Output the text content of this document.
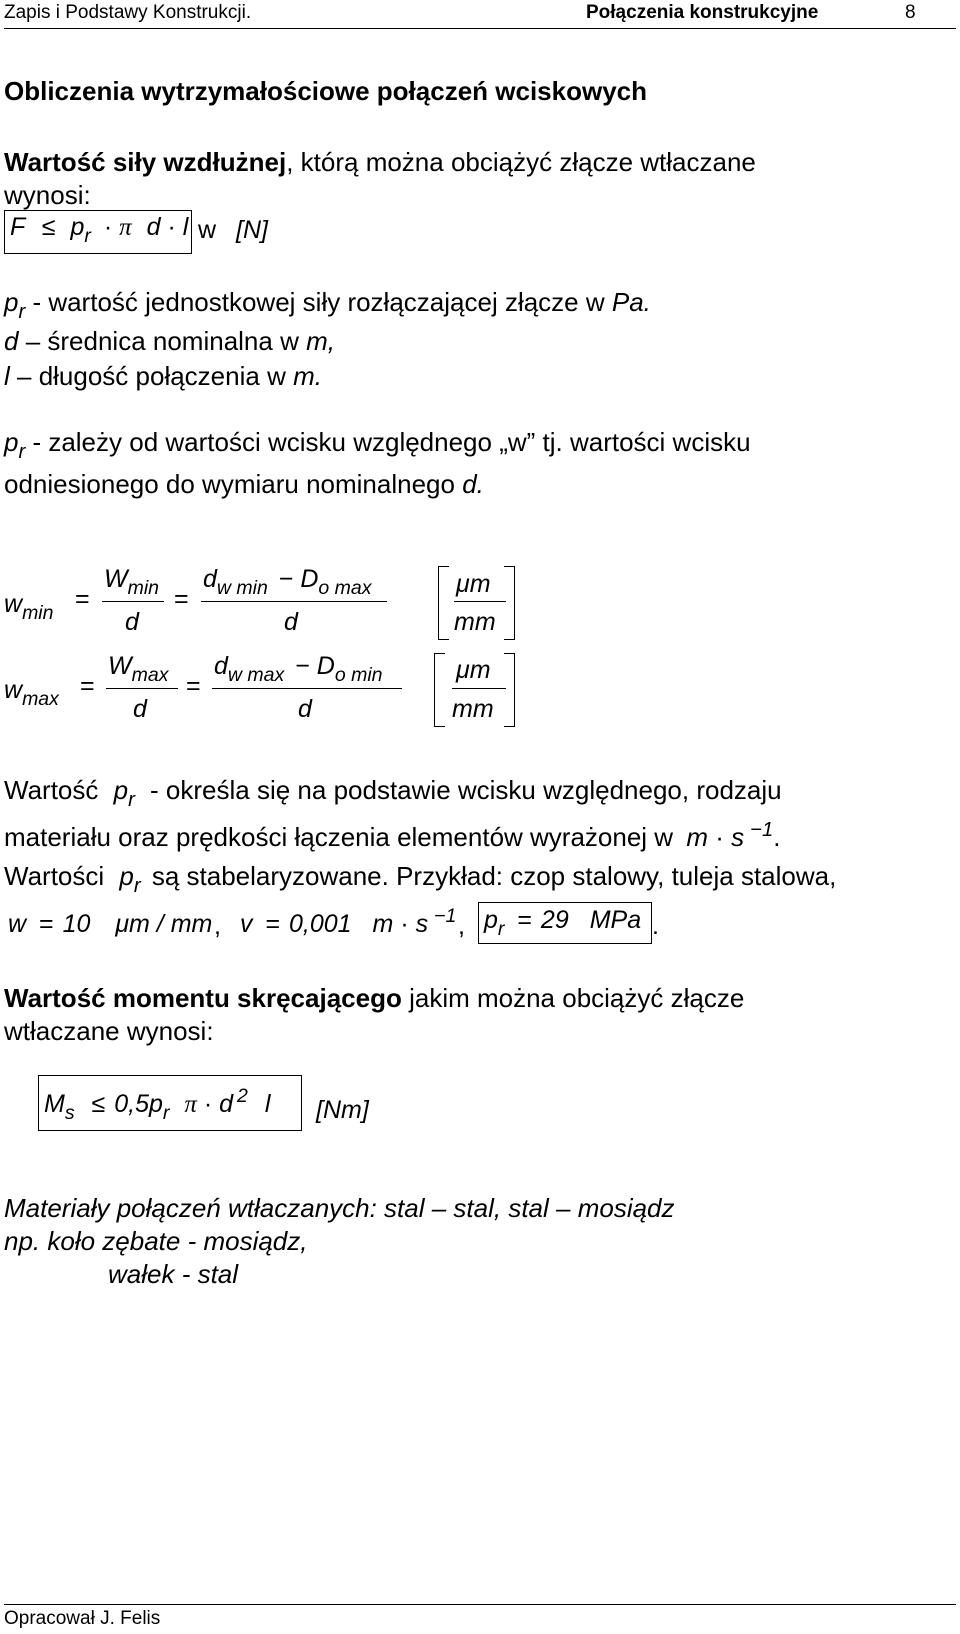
Zapis i Podstawy Konstrukcji.	Połączenia konstrukcyjne	8
Obliczenia wytrzymałościowe połączeń wciskowych
Wartość siły wzdłużnej, którą można obciążyć złącze wtłaczane
wynosi:
$F \le p_r \cdot \pi$ d · l w [N]
$p_r$ - wartość jednostkowej siły rozłączającej złącze w Pa.
d – średnica nominalna w m,
l – długość połączenia w m.
$p_r$ - zależy od wartości wcisku względnego „w” tj. wartości wcisku
odniesionego do wymiaru nominalnego d.
$w_{min}$ =
$W_{min}$
d
=
$d_{w min} - D_{o max}$
d
μm
mm
$w_{max}$ =
$W_{max}$
d
=
$d_{w max} - D_{o min}$
d
μm
mm
Wartość $p_r$ - określa się na podstawie wcisku względnego, rodzaju
materiału oraz prędkości łączenia elementów wyrażonej w m · s $^{-1}$.
Wartości $p_r$ są stabelaryzowane. Przykład: czop stalowy, tuleja stalowa,
w = 10 μm / mm , v = 0,001 m · s $^{-1}$ , $p_r = 29$ MPa .
Wartość momentu skręcającego jakim można obciążyć złącze
wtłaczane wynosi:
$M_s \le 0,5p_r$ π · d $^2$ l [Nm]
Materiały połączeń wtłaczanych: stal – stal, stal – mosiądz
np. koło zębate - mosiądz,
wałek - stal
Opracował J. Felis
